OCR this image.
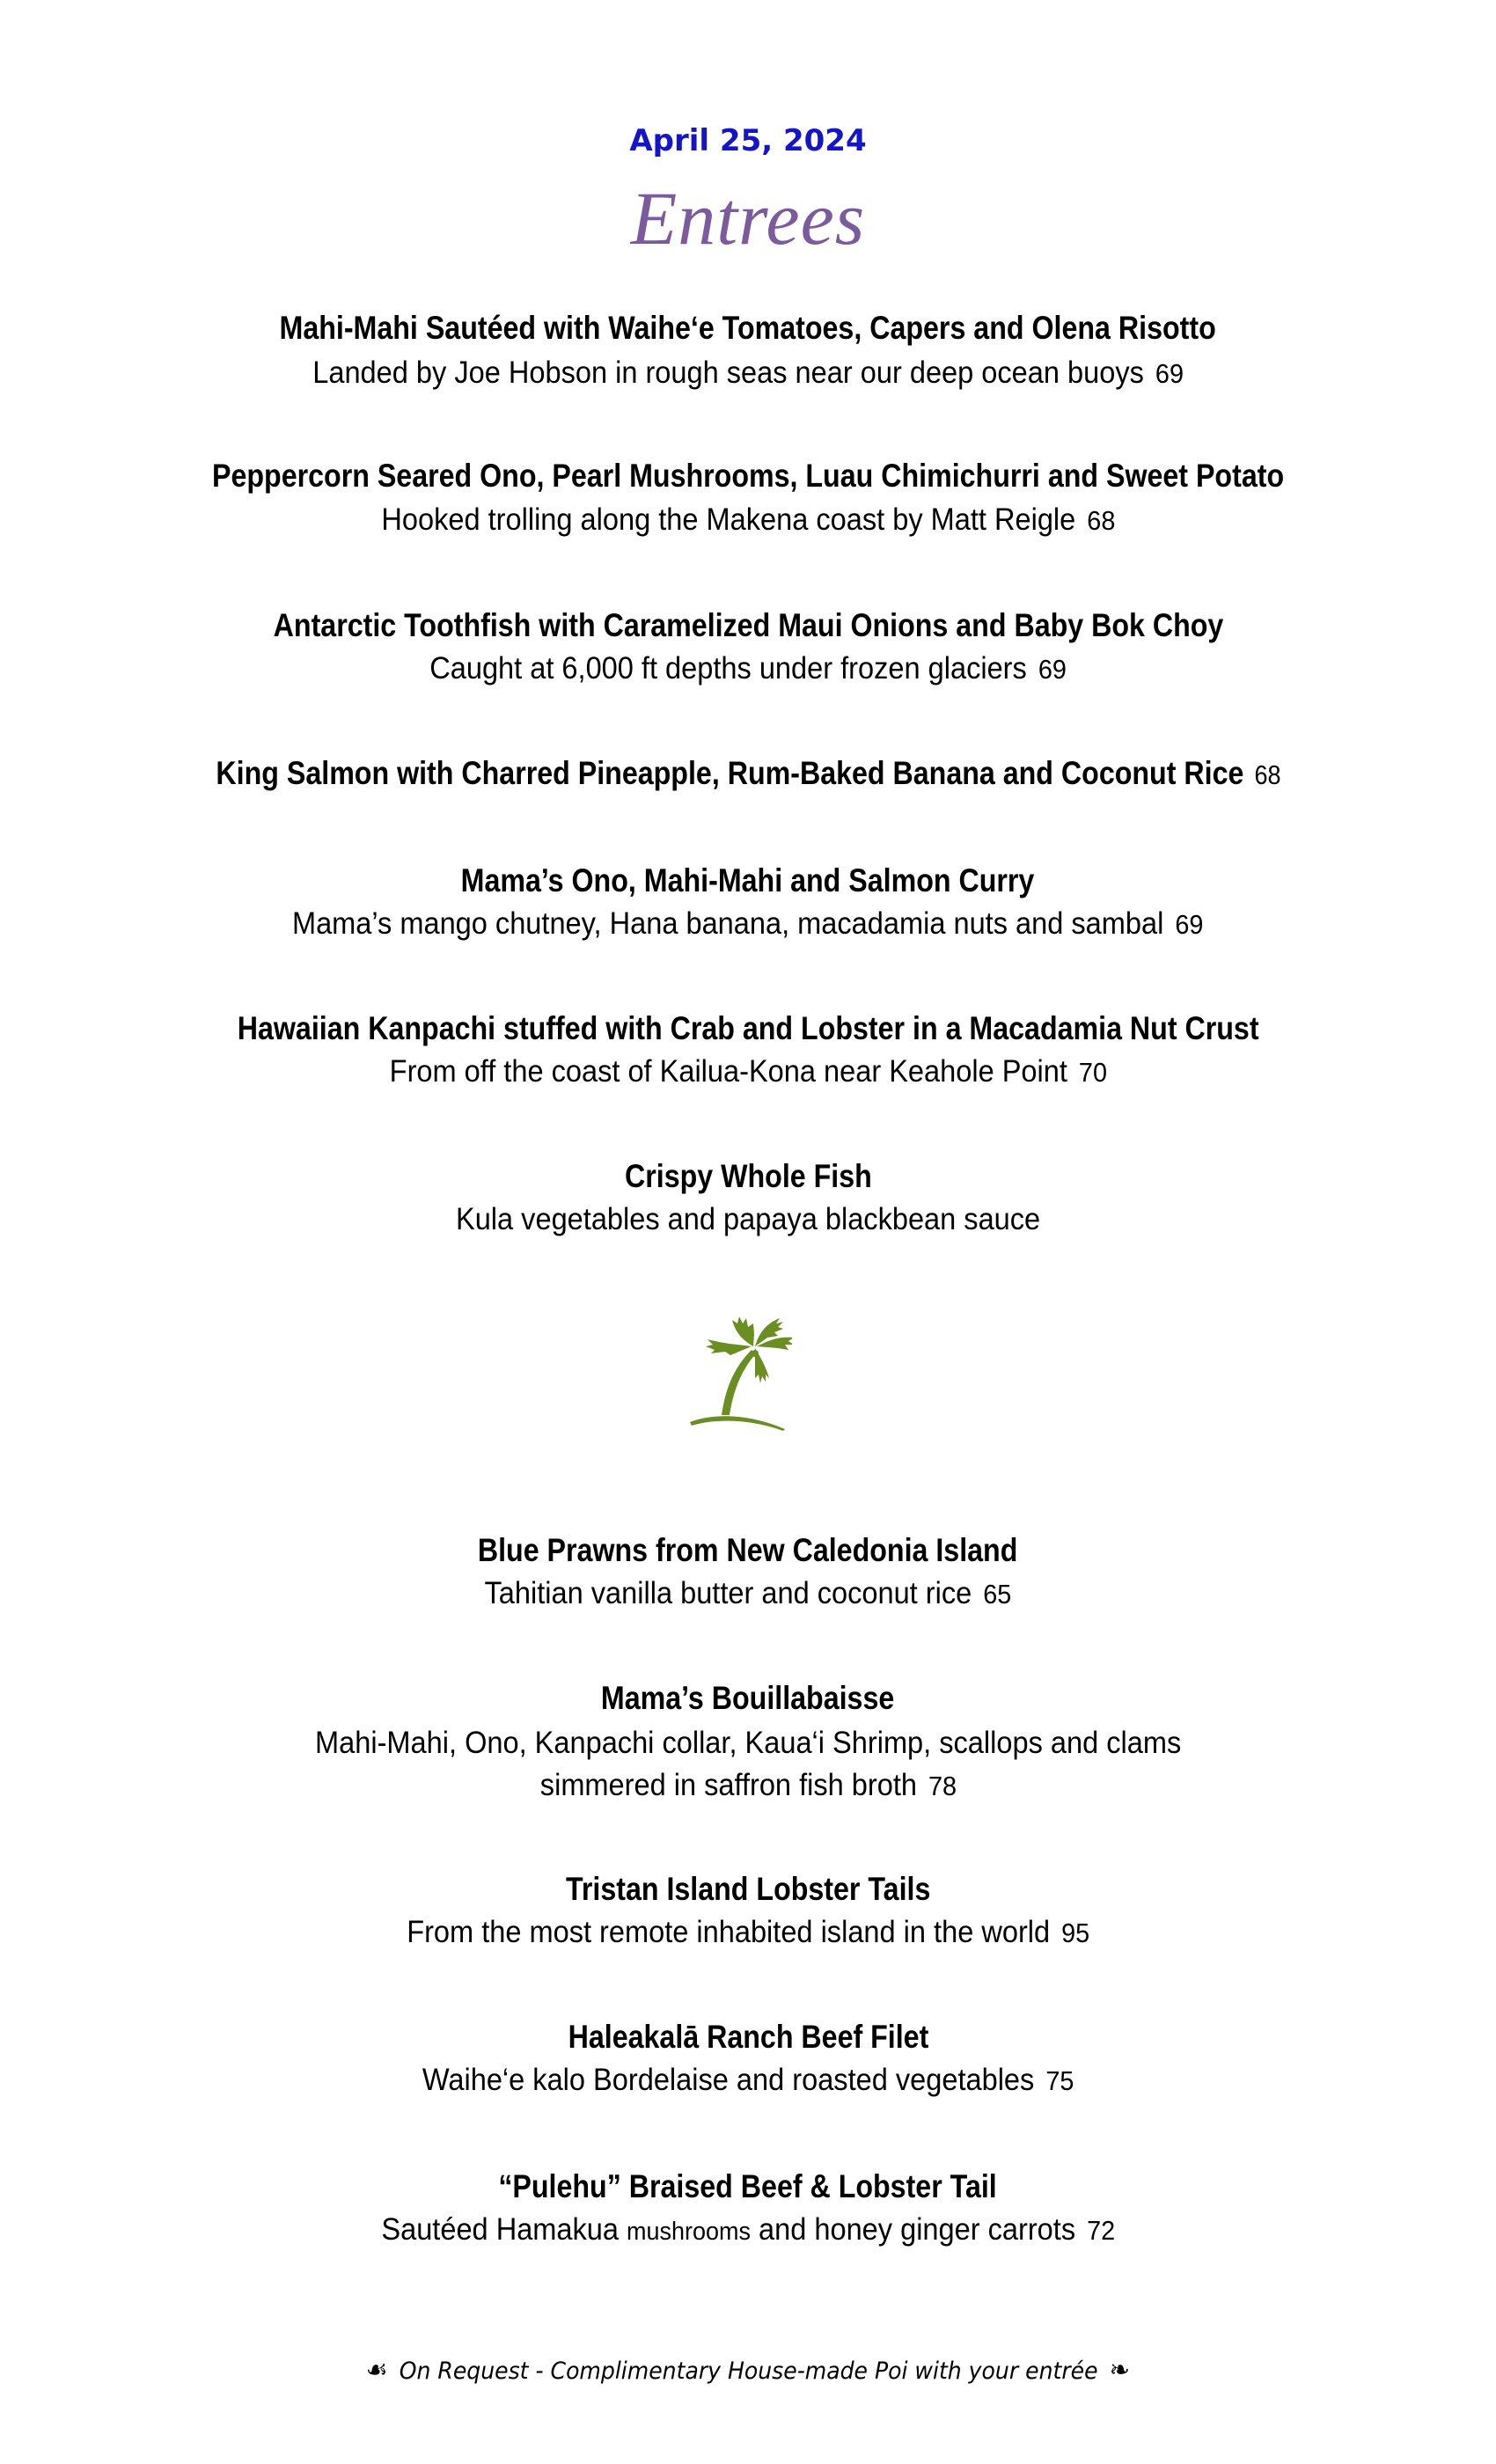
April 25, 2024
Entrees
Mahi-Mahi Sautéed with Waihe‘e Tomatoes, Capers and Olena Risotto
Landed by Joe Hobson in rough seas near our deep ocean buoys 69
Peppercorn Seared Ono, Pearl Mushrooms, Luau Chimichurri and Sweet Potato
Hooked trolling along the Makena coast by Matt Reigle 68
Antarctic Toothfish with Caramelized Maui Onions and Baby Bok Choy
Caught at 6,000 ft depths under frozen glaciers 69
King Salmon with Charred Pineapple, Rum-Baked Banana and Coconut Rice 68
Mama’s Ono, Mahi-Mahi and Salmon Curry
Mama’s mango chutney, Hana banana, macadamia nuts and sambal 69
Hawaiian Kanpachi stuffed with Crab and Lobster in a Macadamia Nut Crust
From off the coast of Kailua-Kona near Keahole Point 70
Crispy Whole Fish
Kula vegetables and papaya blackbean sauce
Blue Prawns from New Caledonia Island
Tahitian vanilla butter and coconut rice 65
Mama’s Bouillabaisse
Mahi-Mahi, Ono, Kanpachi collar, Kaua‘i Shrimp, scallops and clams
simmered in saffron fish broth 78
Tristan Island Lobster Tails
From the most remote inhabited island in the world 95
Haleakalā Ranch Beef Filet
Waihe‘e kalo Bordelaise and roasted vegetables 75
“Pulehu” Braised Beef & Lobster Tail
Sautéed Hamakua mushrooms and honey ginger carrots 72
☙ On Request - Complimentary House-made Poi with your entrée ❧
